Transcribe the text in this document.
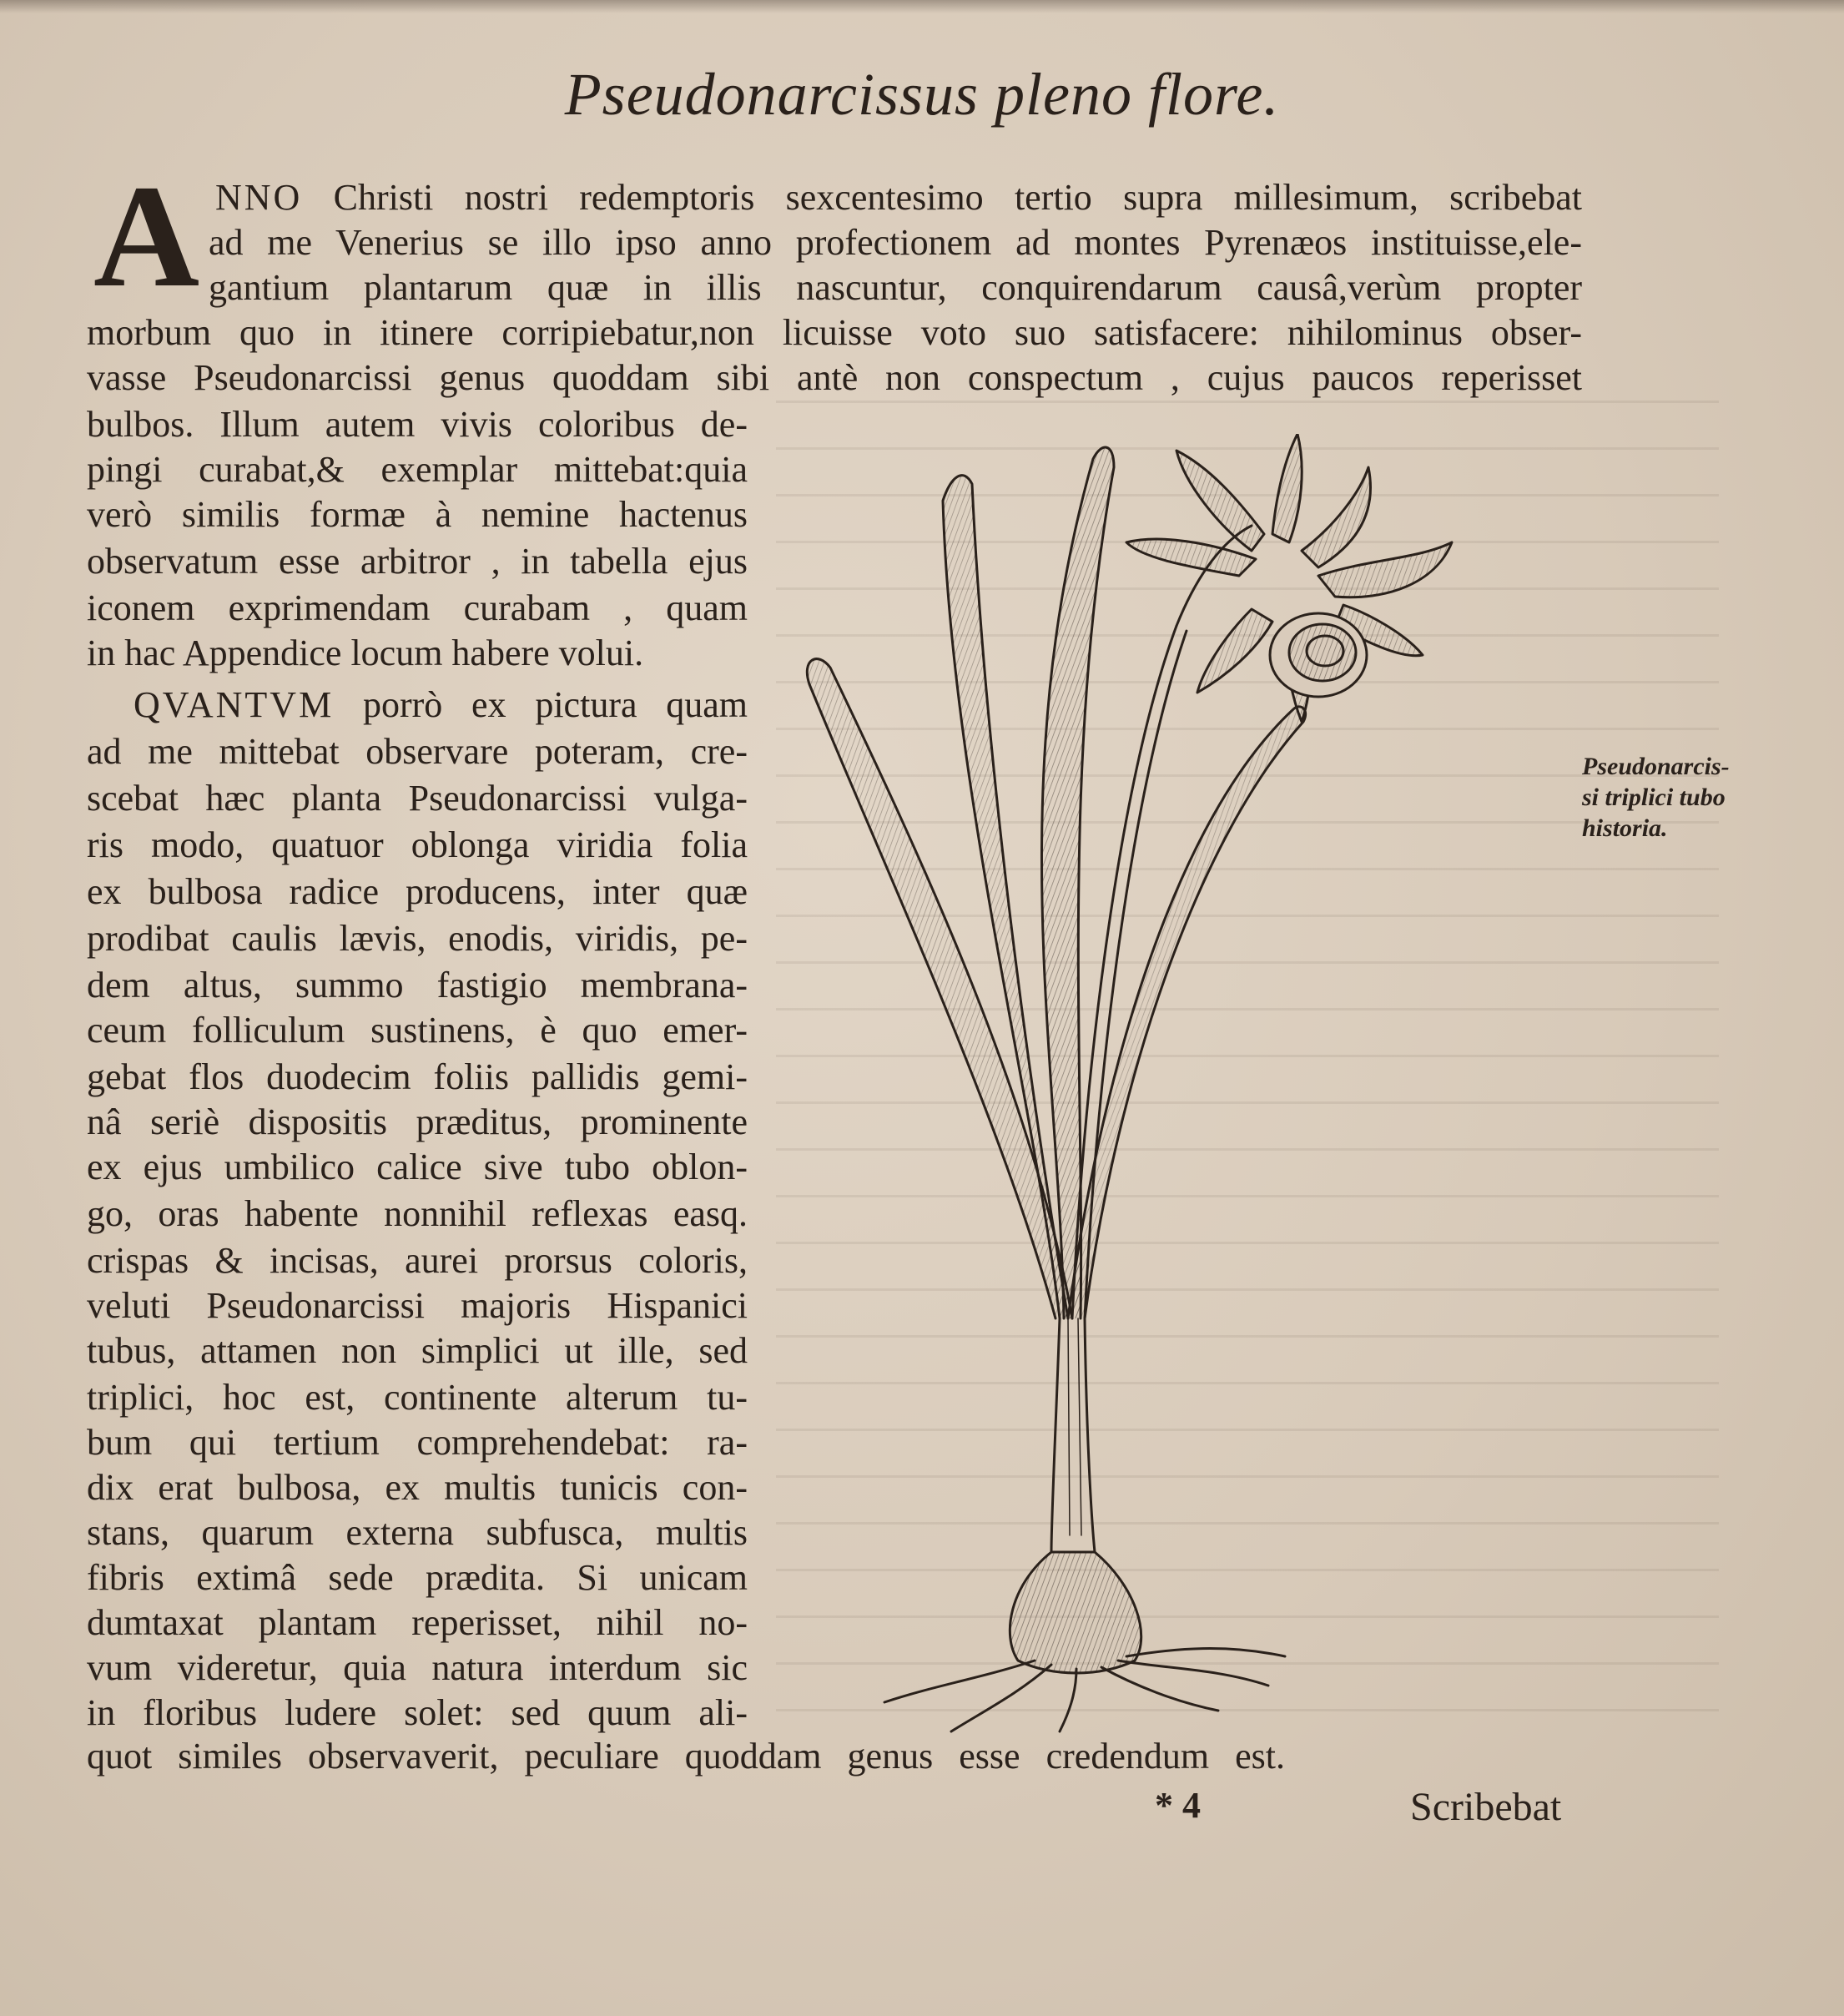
Pseudonarcissus pleno flore.
A NNO Christi nostri redemptoris sexcentesimo tertio supra millesimum, scribebat
ad me Venerius se illo ipso anno profectionem ad montes Pyrenæos instituisse,ele-
gantium plantarum quæ in illis nascuntur, conquirendarum causâ,verùm propter
morbum quo in itinere corripiebatur,non licuisse voto suo satisfacere: nihilominus obser-
vasse Pseudonarcissi genus quoddam sibi antè non conspectum , cujus paucos reperisset
bulbos. Illum autem vivis coloribus de-
pingi curabat,& exemplar mittebat:quia
verò similis formæ à nemine hactenus
observatum esse arbitror , in tabella ejus
iconem exprimendam curabam , quam
in hac Appendice locum habere volui.
QVANTVM porrò ex pictura quam
ad me mittebat observare poteram, cre-
scebat hæc planta Pseudonarcissi vulga-
ris modo, quatuor oblonga viridia folia
ex bulbosa radice producens, inter quæ
prodibat caulis lævis, enodis, viridis, pe-
dem altus, summo fastigio membrana-
ceum folliculum sustinens, è quo emer-
gebat flos duodecim foliis pallidis gemi-
nâ seriè dispositis præditus, prominente
ex ejus umbilico calice sive tubo oblon-
go, oras habente nonnihil reflexas easq.
crispas & incisas, aurei prorsus coloris,
veluti Pseudonarcissi majoris Hispanici
tubus, attamen non simplici ut ille, sed
triplici, hoc est, continente alterum tu-
bum qui tertium comprehendebat: ra-
dix erat bulbosa, ex multis tunicis con-
stans, quarum externa subfusca, multis
fibris extimâ sede prædita. Si unicam
dumtaxat plantam reperisset, nihil no-
vum videretur, quia natura interdum sic
in floribus ludere solet: sed quum ali-
quot similes observaverit, peculiare quoddam genus esse credendum est.
Pseudonarcis-
si triplici tubo
historia.
* 4	Scribebat
